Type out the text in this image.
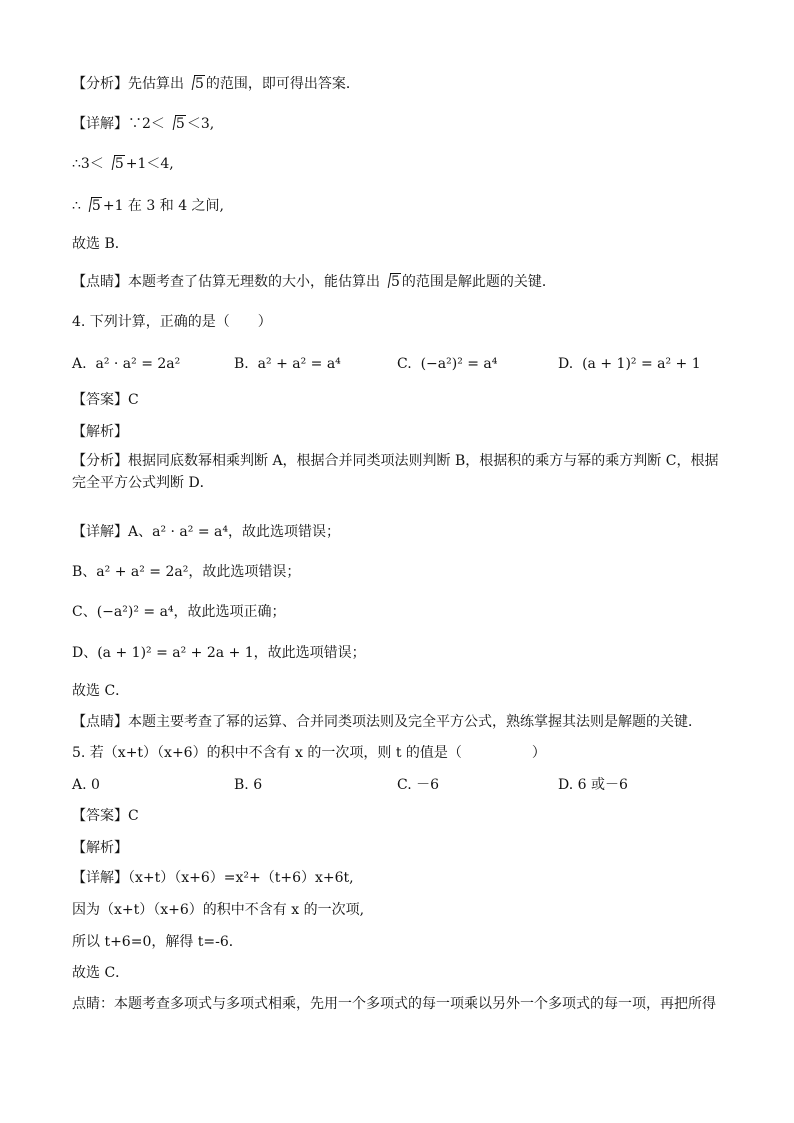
【分析】先估算出 5 的范围，即可得出答案．
【详解】∵2＜ 5 ＜3,
∴3＜ 5 +1＜4,
∴ 5 +1 在 3 和 4 之间,
故选 B．
【点睛】本题考查了估算无理数的大小，能估算出 5 的范围是解此题的关键．
4. 下列计算，正确的是（　　）
A. a² · a² = 2a²	B. a² + a² = a⁴	C. (−a²)² = a⁴	D. (a + 1)² = a² + 1
【答案】C
【解析】
【分析】根据同底数幂相乘判断 A，根据合并同类项法则判断 B，根据积的乘方与幂的乘方判断 C，根据完全平方公式判断 D．
【详解】A、a² · a² = a⁴，故此选项错误；
B、a² + a² = 2a²，故此选项错误；
C、(−a²)² = a⁴，故此选项正确；
D、(a + 1)² = a² + 2a + 1，故此选项错误；
故选 C．
【点睛】本题主要考查了幂的运算、合并同类项法则及完全平方公式，熟练掌握其法则是解题的关键．
5. 若（x+t）（x+6）的积中不含有 x 的一次项，则 t 的值是（　　　　　）
A. 0	B. 6	C. －6	D. 6 或－6
【答案】C
【解析】
【详解】（x+t）（x+6）=x²+（t+6）x+6t,
因为（x+t）（x+6）的积中不含有 x 的一次项,
所以 t+6=0，解得 t=-6．
故选 C．
点睛：本题考查多项式与多项式相乘，先用一个多项式的每一项乘以另外一个多项式的每一项，再把所得
